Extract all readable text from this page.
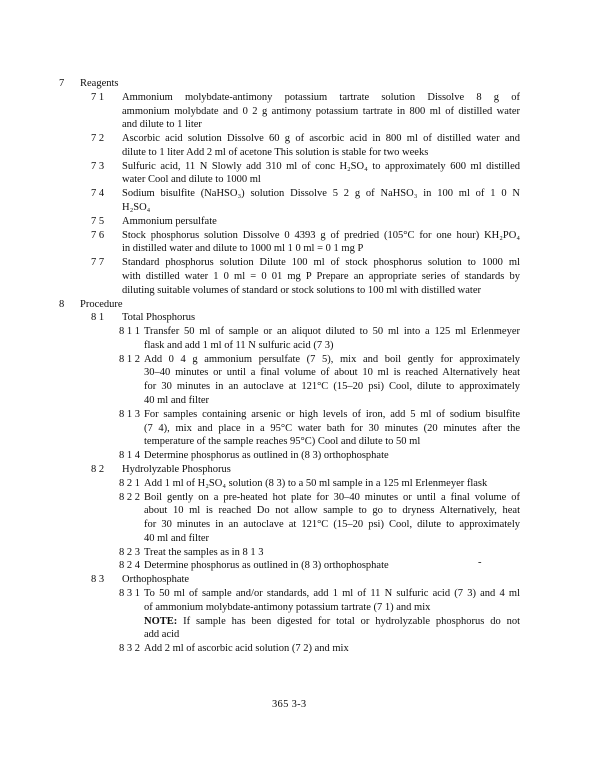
7	Reagents
7 1	Ammonium molybdate-antimony potassium tartrate solution Dissolve 8 g of
ammonium molybdate and 0 2 g antimony potassium tartrate in 800 ml of distilled water
and dilute to 1 liter
7 2	Ascorbic acid solution Dissolve 60 g of ascorbic acid in 800 ml of distilled water and
dilute to 1 liter Add 2 ml of acetone This solution is stable for two weeks
7 3	Sulfuric acid, 11 N Slowly add 310 ml of conc H₂SO₄ to approximately 600 ml distilled
water Cool and dilute to 1000 ml
7 4	Sodium bisulfite (NaHSO₃) solution Dissolve 5 2 g of NaHSO₃ in 100 ml of 1 0 N
H₂SO₄
7 5	Ammonium persulfate
7 6	Stock phosphorus solution Dissolve 0 4393 g of predried (105°C for one hour) KH₂PO₄
in distilled water and dilute to 1000 ml 1 0 ml = 0 1 mg P
7 7	Standard phosphorus solution Dilute 100 ml of stock phosphorus solution to 1000 ml
with distilled water 1 0 ml = 0 01 mg P Prepare an appropriate series of standards by
diluting suitable volumes of standard or stock solutions to 100 ml with distilled water
8	Procedure
8 1	Total Phosphorus
8 1 1 Transfer 50 ml of sample or an aliquot diluted to 50 ml into a 125 ml Erlenmeyer
flask and add 1 ml of 11 N sulfuric acid (7 3)
8 1 2 Add 0 4 g ammonium persulfate (7 5), mix and boil gently for approximately
30–40 minutes or until a final volume of about 10 ml is reached Alternatively heat
for 30 minutes in an autoclave at 121°C (15–20 psi) Cool, dilute to approximately
40 ml and filter
8 1 3 For samples containing arsenic or high levels of iron, add 5 ml of sodium bisulfite
(7 4), mix and place in a 95°C water bath for 30 minutes (20 minutes after the
temperature of the sample reaches 95°C) Cool and dilute to 50 ml
8 1 4 Determine phosphorus as outlined in (8 3) orthophosphate
8 2	Hydrolyzable Phosphorus
8 2 1 Add 1 ml of H₂SO₄ solution (8 3) to a 50 ml sample in a 125 ml Erlenmeyer flask
8 2 2 Boil gently on a pre-heated hot plate for 30–40 minutes or until a final volume of
about 10 ml is reached Do not allow sample to go to dryness Alternatively, heat
for 30 minutes in an autoclave at 121°C (15–20 psi) Cool, dilute to approximately
40 ml and filter
8 2 3 Treat the samples as in 8 1 3
8 2 4 Determine phosphorus as outlined in (8 3) orthophosphate
8 3	Orthophosphate
8 3 1 To 50 ml of sample and/or standards, add 1 ml of 11 N sulfuric acid (7 3) and 4 ml
of ammonium molybdate-antimony potassium tartrate (7 1) and mix
NOTE: If sample has been digested for total or hydrolyzable phosphorus do not
add acid
8 3 2 Add 2 ml of ascorbic acid solution (7 2) and mix
-
365 3-3
